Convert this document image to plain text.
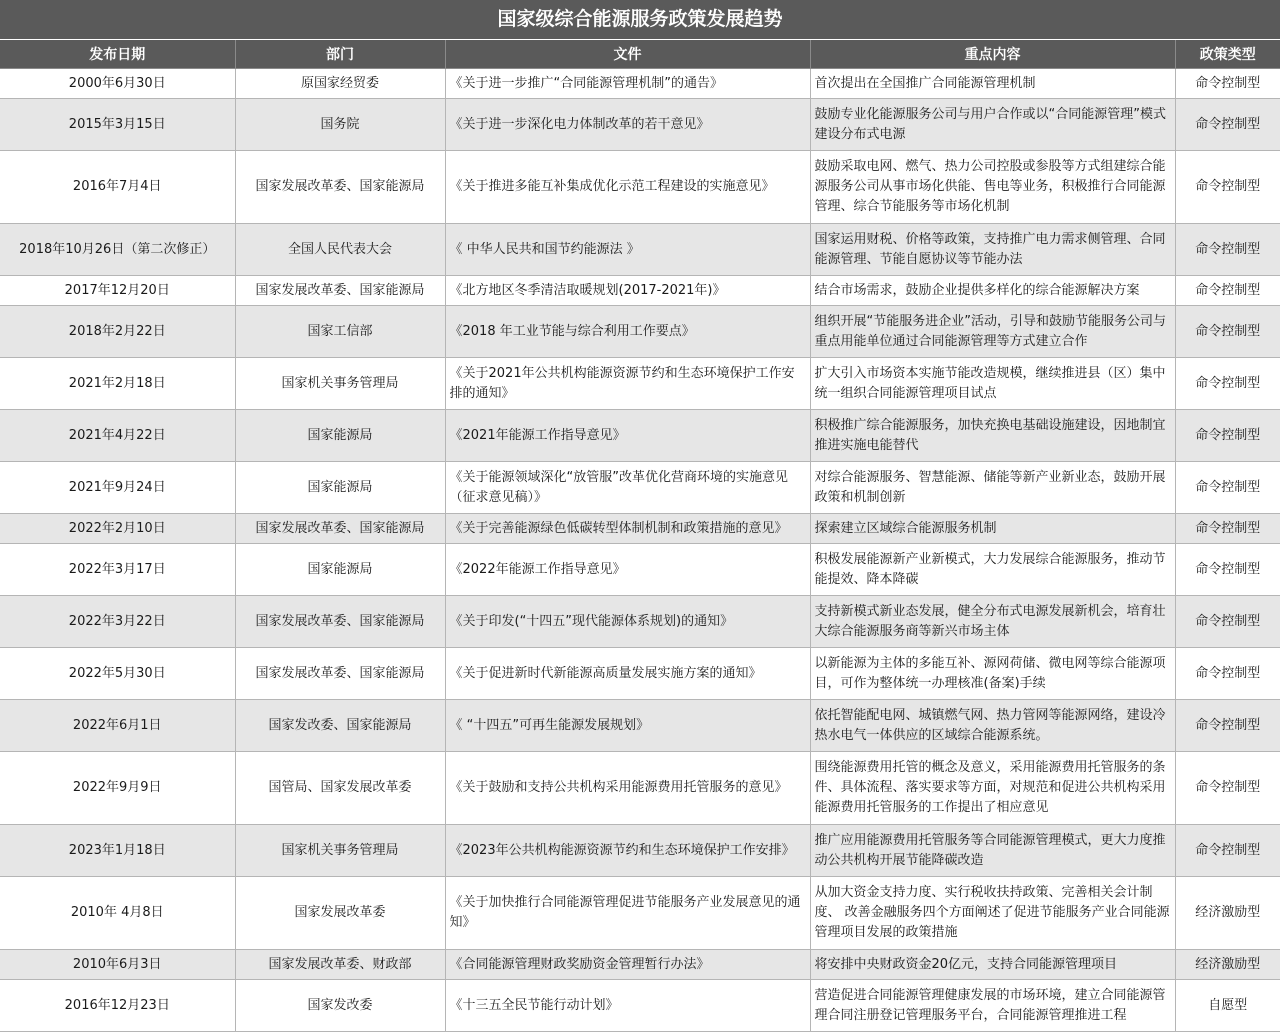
国家级综合能源服务政策发展趋势
发布日期	部门	文件	重点内容	政策类型
2000年6月30日	原国家经贸委	《关于进一步推广“合同能源管理机制”的通告》	首次提出在全国推广合同能源管理机制	命令控制型
2015年3月15日	国务院	《关于进一步深化电力体制改革的若干意见》	鼓励专业化能源服务公司与用户合作或以“合同能源管理”模式建设分布式电源	命令控制型
2016年7月4日	国家发展改革委、国家能源局	《关于推进多能互补集成优化示范工程建设的实施意见》	鼓励采取电网、燃气、热力公司控股或参股等方式组建综合能源服务公司从事市场化供能、售电等业务，积极推行合同能源管理、综合节能服务等市场化机制	命令控制型
2018年10月26日（第二次修正）	全国人民代表大会	《 中华人民共和国节约能源法 》	国家运用财税、价格等政策，支持推广电力需求侧管理、合同能源管理、节能自愿协议等节能办法	命令控制型
2017年12月20日	国家发展改革委、国家能源局	《北方地区冬季清洁取暖规划(2017-2021年)》	结合市场需求，鼓励企业提供多样化的综合能源解决方案	命令控制型
2018年2月22日	国家工信部	《2018 年工业节能与综合利用工作要点》	组织开展“节能服务进企业”活动，引导和鼓励节能服务公司与重点用能单位通过合同能源管理等方式建立合作	命令控制型
2021年2月18日	国家机关事务管理局	《关于2021年公共机构能源资源节约和生态环境保护工作安排的通知》	扩大引入市场资本实施节能改造规模，继续推进县（区）集中统一组织合同能源管理项目试点	命令控制型
2021年4月22日	国家能源局	《2021年能源工作指导意见》	积极推广综合能源服务，加快充换电基础设施建设，因地制宜推进实施电能替代	命令控制型
2021年9月24日	国家能源局	《关于能源领域深化“放管服”改革优化营商环境的实施意见（征求意见稿）》	对综合能源服务、智慧能源、储能等新产业新业态，鼓励开展政策和机制创新	命令控制型
2022年2月10日	国家发展改革委、国家能源局	《关于完善能源绿色低碳转型体制机制和政策措施的意见》	探索建立区域综合能源服务机制	命令控制型
2022年3月17日	国家能源局	《2022年能源工作指导意见》	积极发展能源新产业新模式，大力发展综合能源服务，推动节能提效、降本降碳	命令控制型
2022年3月22日	国家发展改革委、国家能源局	《关于印发(“十四五”现代能源体系规划)的通知》	支持新模式新业态发展，健全分布式电源发展新机会，培育壮大综合能源服务商等新兴市场主体	命令控制型
2022年5月30日	国家发展改革委、国家能源局	《关于促进新时代新能源高质量发展实施方案的通知》	以新能源为主体的多能互补、源网荷储、微电网等综合能源项目，可作为整体统一办理核准(备案)手续	命令控制型
2022年6月1日	国家发改委、国家能源局	《 “十四五”可再生能源发展规划》	依托智能配电网、城镇燃气网、热力管网等能源网络，建设冷热水电气一体供应的区域综合能源系统。	命令控制型
2022年9月9日	国管局、国家发展改革委	《关于鼓励和支持公共机构采用能源费用托管服务的意见》	围绕能源费用托管的概念及意义，采用能源费用托管服务的条件、具体流程、落实要求等方面，对规范和促进公共机构采用能源费用托管服务的工作提出了相应意见	命令控制型
2023年1月18日	国家机关事务管理局	《2023年公共机构能源资源节约和生态环境保护工作安排》	推广应用能源费用托管服务等合同能源管理模式，更大力度推动公共机构开展节能降碳改造	命令控制型
2010年 4月8日	国家发展改革委	《关于加快推行合同能源管理促进节能服务产业发展意见的通知》	从加大资金支持力度、实行税收扶持政策、完善相关会计制度、 改善金融服务四个方面阐述了促进节能服务产业合同能源管理项目发展的政策措施	经济激励型
2010年6月3日	国家发展改革委、财政部	《合同能源管理财政奖励资金管理暂行办法》	将安排中央财政资金20亿元，支持合同能源管理项目	经济激励型
2016年12月23日	国家发改委	《十三五全民节能行动计划》	营造促进合同能源管理健康发展的市场环境，建立合同能源管理合同注册登记管理服务平台，合同能源管理推进工程	自愿型
